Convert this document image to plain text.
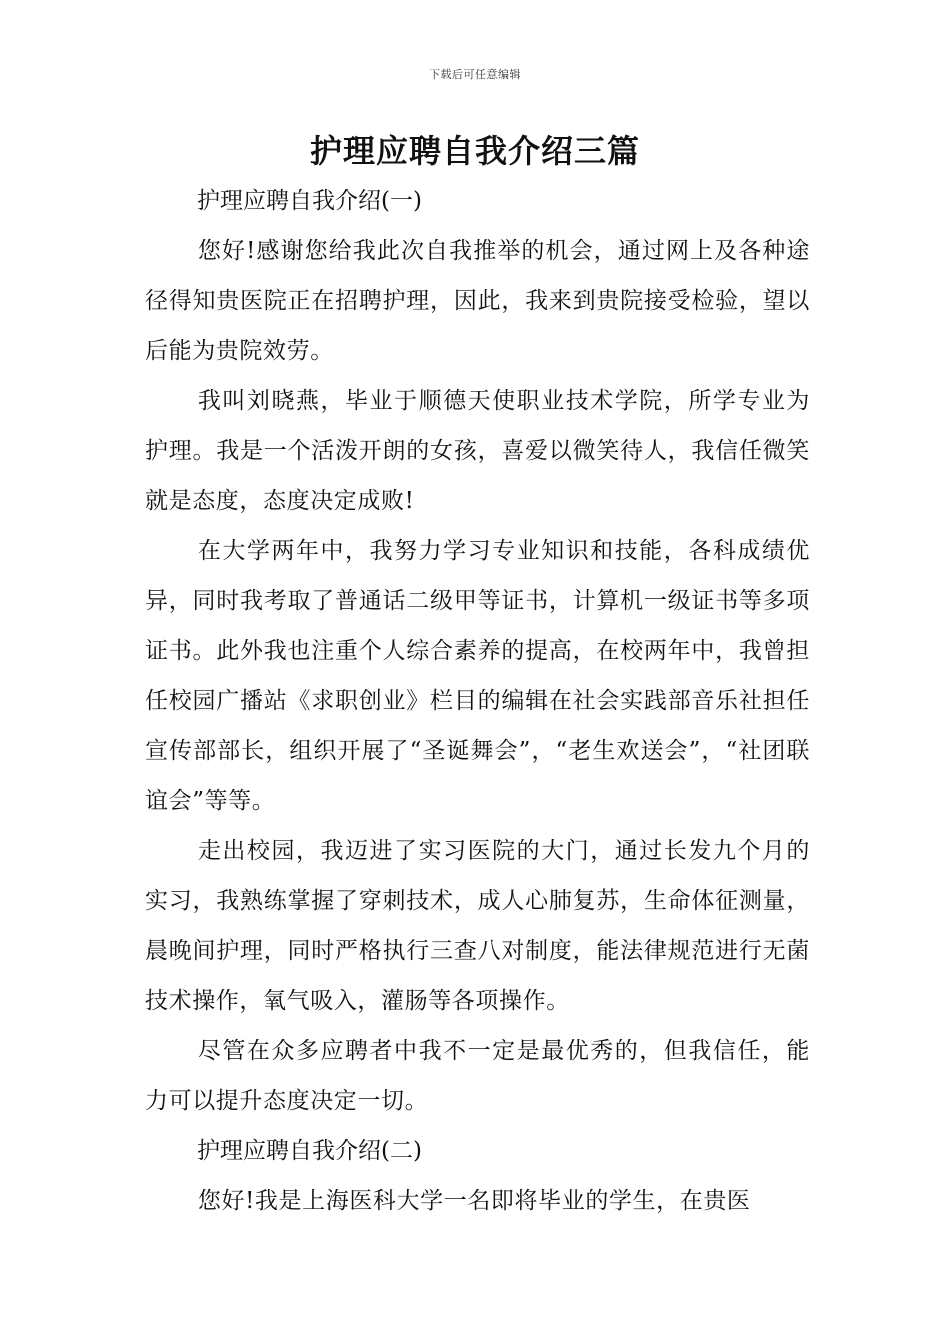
下载后可任意编辑
护理应聘自我介绍三篇

护理应聘自我介绍(一)

您好!感谢您给我此次自我推举的机会，通过网上及各种途径得知贵医院正在招聘护理，因此，我来到贵院接受检验，望以后能为贵院效劳。

我叫刘晓燕，毕业于顺德天使职业技术学院，所学专业为护理。我是一个活泼开朗的女孩，喜爱以微笑待人，我信任微笑就是态度，态度决定成败!

在大学两年中，我努力学习专业知识和技能，各科成绩优异，同时我考取了普通话二级甲等证书，计算机一级证书等多项证书。此外我也注重个人综合素养的提高，在校两年中，我曾担任校园广播站《求职创业》栏目的编辑在社会实践部音乐社担任宣传部部长，组织开展了“圣诞舞会”，“老生欢送会”，“社团联谊会”等等。

走出校园，我迈进了实习医院的大门，通过长发九个月的实习，我熟练掌握了穿刺技术，成人心肺复苏，生命体征测量，晨晚间护理，同时严格执行三查八对制度，能法律规范进行无菌技术操作，氧气吸入，灌肠等各项操作。

尽管在众多应聘者中我不一定是最优秀的，但我信任，能力可以提升态度决定一切。

护理应聘自我介绍(二)

您好!我是上海医科大学一名即将毕业的学生，在贵医
